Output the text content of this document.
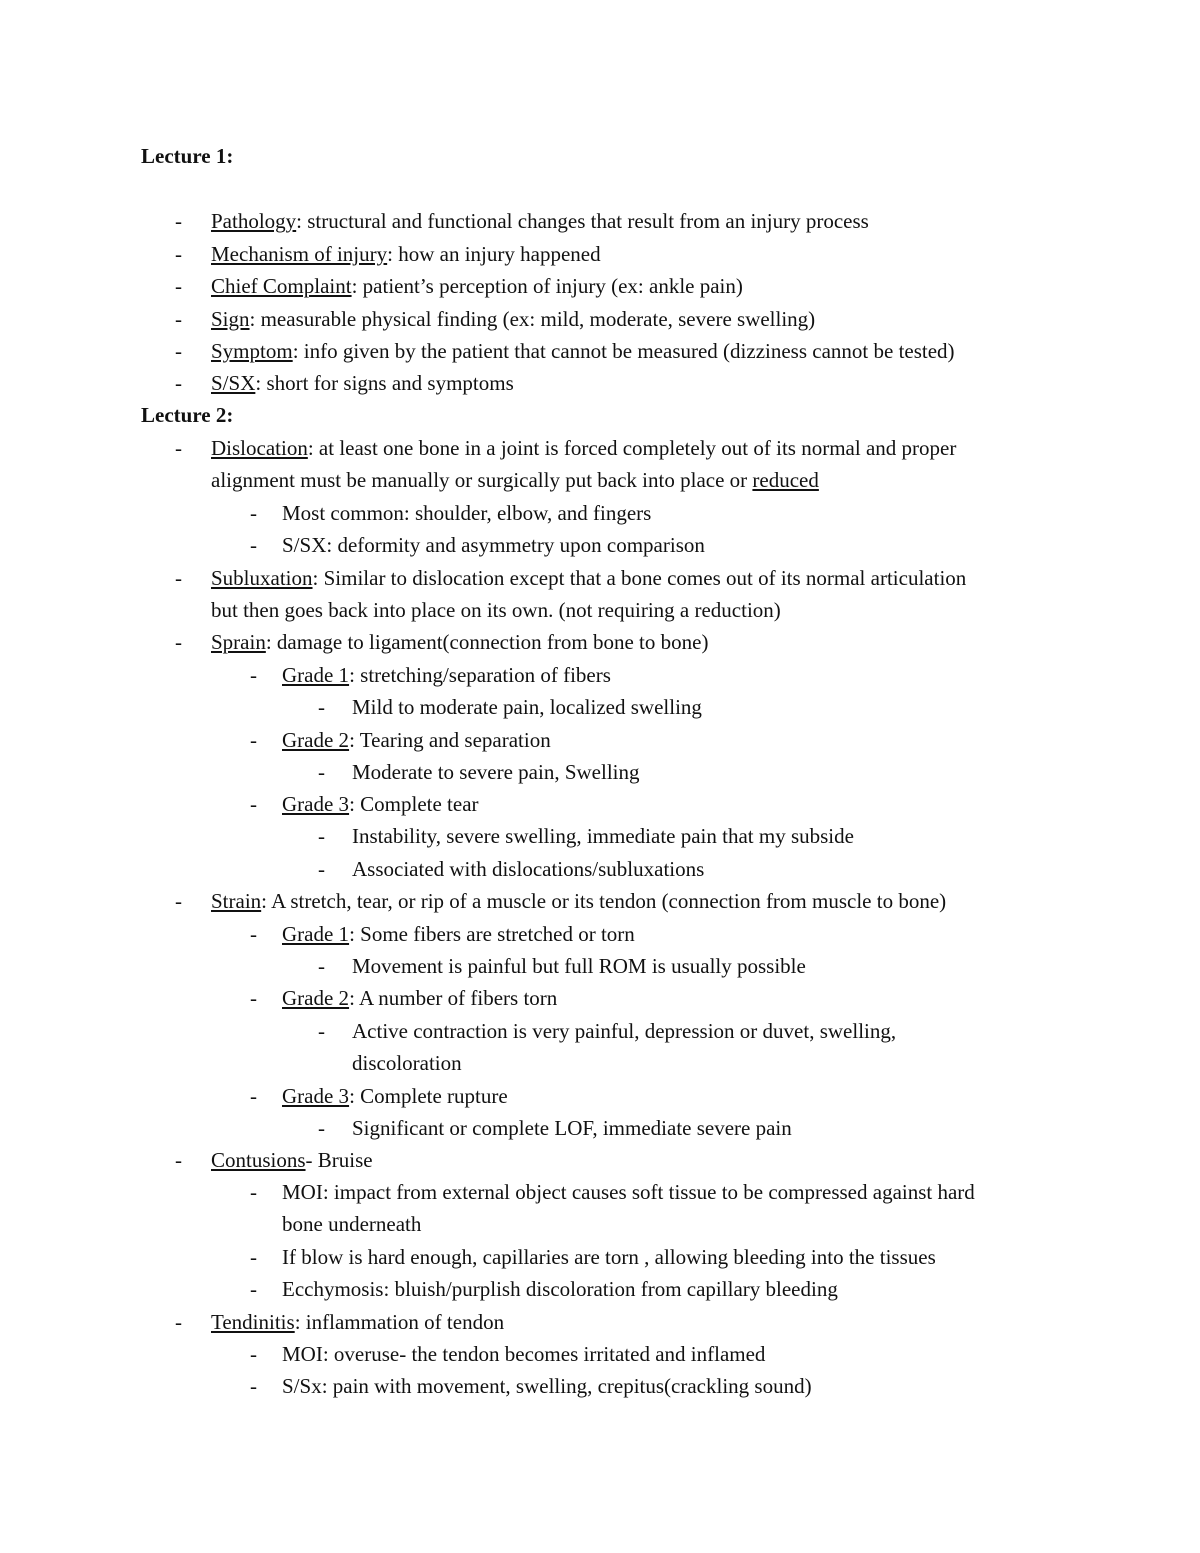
Lecture 1:
- Pathology: structural and functional changes that result from an injury process
- Mechanism of injury: how an injury happened
- Chief Complaint: patient’s perception of injury (ex: ankle pain)
- Sign: measurable physical finding (ex: mild, moderate, severe swelling)
- Symptom: info given by the patient that cannot be measured (dizziness cannot be tested)
- S/SX: short for signs and symptoms
Lecture 2:
- Dislocation: at least one bone in a joint is forced completely out of its normal and proper
alignment must be manually or surgically put back into place or reduced
- Most common: shoulder, elbow, and fingers
- S/SX: deformity and asymmetry upon comparison
- Subluxation: Similar to dislocation except that a bone comes out of its normal articulation
but then goes back into place on its own. (not requiring a reduction)
- Sprain: damage to ligament(connection from bone to bone)
- Grade 1: stretching/separation of fibers
- Mild to moderate pain, localized swelling
- Grade 2: Tearing and separation
- Moderate to severe pain, Swelling
- Grade 3: Complete tear
- Instability, severe swelling, immediate pain that my subside
- Associated with dislocations/subluxations
- Strain: A stretch, tear, or rip of a muscle or its tendon (connection from muscle to bone)
- Grade 1: Some fibers are stretched or torn
- Movement is painful but full ROM is usually possible
- Grade 2: A number of fibers torn
- Active contraction is very painful, depression or duvet, swelling,
discoloration
- Grade 3: Complete rupture
- Significant or complete LOF, immediate severe pain
- Contusions- Bruise
- MOI: impact from external object causes soft tissue to be compressed against hard
bone underneath
- If blow is hard enough, capillaries are torn , allowing bleeding into the tissues
- Ecchymosis: bluish/purplish discoloration from capillary bleeding
- Tendinitis: inflammation of tendon
- MOI: overuse- the tendon becomes irritated and inflamed
- S/Sx: pain with movement, swelling, crepitus(crackling sound)
